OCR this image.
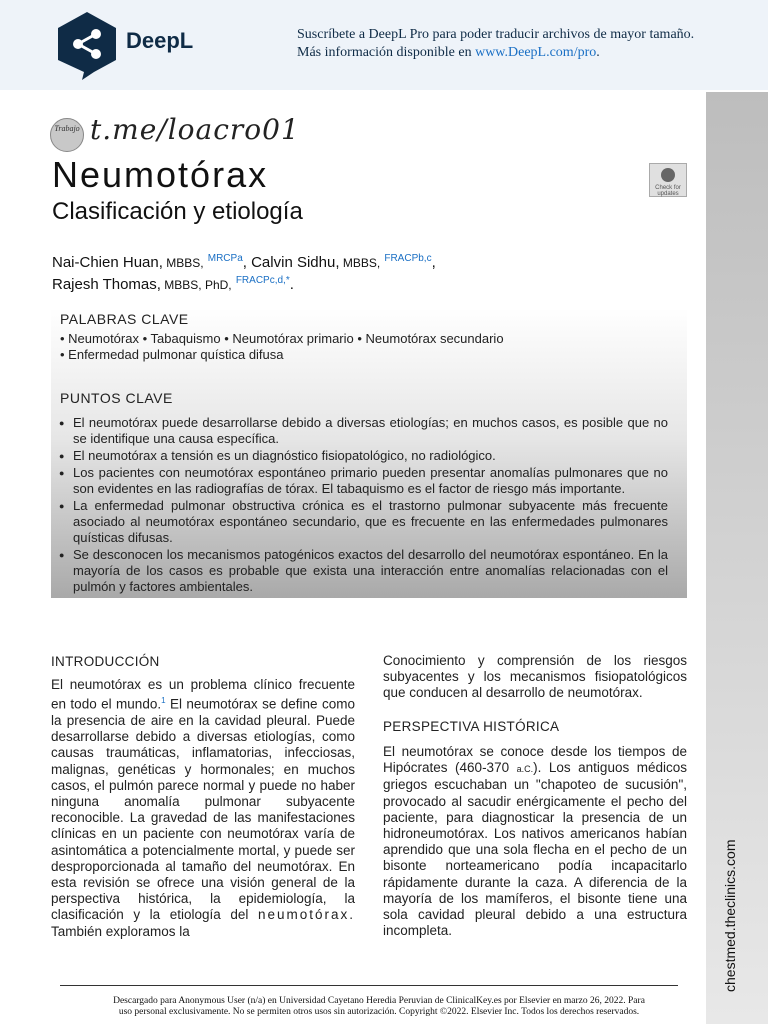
DeepL	Suscríbete a DeepL Pro para poder traducir archivos de mayor tamaño.
Más información disponible en www.DeepL.com/pro.
chestmed.theclinics.com
Trabajo t.me/loacro01
Check for updates
Neumotórax
Clasificación y etiología
Nai-Chien Huan, MBBS, $^{MRCPa}$, Calvin Sidhu, MBBS, $^{FRACPb,c}$,
Rajesh Thomas, MBBS, PhD, $^{FRACPc,d,*}$.
PALABRAS CLAVE
• Neumotórax • Tabaquismo • Neumotórax primario • Neumotórax secundario
• Enfermedad pulmonar quística difusa
PUNTOS CLAVE
● El neumotórax puede desarrollarse debido a diversas etiologías; en muchos casos, es posible que no se identifique una causa específica.
● El neumotórax a tensión es un diagnóstico fisiopatológico, no radiológico.
● Los pacientes con neumotórax espontáneo primario pueden presentar anomalías pulmonares que no son evidentes en las radiografías de tórax. El tabaquismo es el factor de riesgo más importante.
● La enfermedad pulmonar obstructiva crónica es el trastorno pulmonar subyacente más frecuente asociado al neumotórax espontáneo secundario, que es frecuente en las enfermedades pulmonares quísticas difusas.
● Se desconocen los mecanismos patogénicos exactos del desarrollo del neumotórax espontáneo. En la mayoría de los casos es probable que exista una interacción entre anomalías relacionadas con el pulmón y factores ambientales.
INTRODUCCIÓN
El neumotórax es un problema clínico frecuente en todo el mundo.$^1$ El neumotórax se define como la presencia de aire en la cavidad pleural. Puede desarrollarse debido a diversas etiologías, como causas traumáticas, inflamatorias, infecciosas, malignas, genéticas y hormonales; en muchos casos, el pulmón parece normal y puede no haber ninguna anomalía pulmonar subyacente reconocible. La gravedad de las manifestaciones clínicas en un paciente con neumotórax varía de asintomática a potencialmente mortal, y puede ser desproporcionada al tamaño del neumotórax. En esta revisión se ofrece una visión general de la perspectiva histórica, la epidemiología, la clasificación y la etiología del neumotórax. También exploramos la
Conocimiento y comprensión de los riesgos subyacentes y los mecanismos fisiopatológicos que conducen al desarrollo de neumotórax.
PERSPECTIVA HISTÓRICA
El neumotórax se conoce desde los tiempos de Hipócrates (460-370 a.C.). Los antiguos médicos griegos escuchaban un "chapoteo de sucusión", provocado al sacudir enérgicamente el pecho del paciente, para diagnosticar la presencia de un hidroneumotórax. Los nativos americanos habían aprendido que una sola flecha en el pecho de un bisonte norteamericano podía incapacitarlo rápidamente durante la caza. A diferencia de la mayoría de los mamíferos, el bisonte tiene una sola cavidad pleural debido a una estructura incompleta.
Descargado para Anonymous User (n/a) en Universidad Cayetano Heredia Peruvian de ClinicalKey.es por Elsevier en marzo 26, 2022. Para
uso personal exclusivamente. No se permiten otros usos sin autorización. Copyright ©2022. Elsevier Inc. Todos los derechos reservados.
